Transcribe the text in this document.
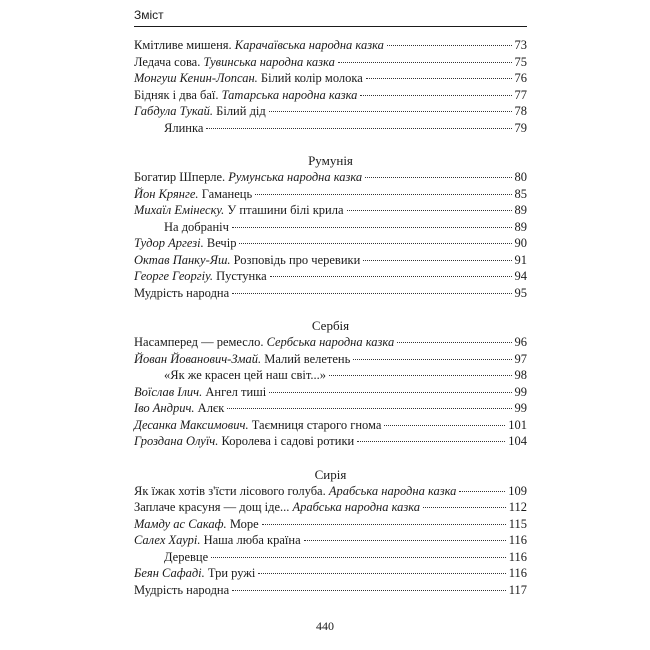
Зміст
Кмітливе мишеня. Карачаївська народна казка	73
Ледача сова. Тувинська народна казка	75
Монгуш Кенин-Лопсан. Білий колір молока	76
Бідняк і два баї. Татарська народна казка	77
Габдула Тукай. Білий дід	78
Ялинка	79
Румунія
Богатир Шперле. Румунська народна казка	80
Йон Крянге. Гаманець	85
Михаїл Емінеску. У пташини білі крила	89
На добраніч	89
Тудор Аргезі. Вечір	90
Октав Панку-Яш. Розповідь про черевики	91
Георге Георгіу. Пустунка	94
Мудрість народна	95
Сербія
Насамперед — ремесло. Сербська народна казка	96
Йован Йованович-Змай. Малий велетень	97
«Як же красен цей наш світ...»	98
Воїслав Ілич. Ангел тиші	99
Іво Андрич. Алєк	99
Десанка Максимович. Таємниця старого гнома	101
Гроздана Олуїч. Королева і садові ротики	104
Сирія
Як їжак хотів з'їсти лісового голуба. Арабська народна казка	109
Заплаче красуня — дощ іде... Арабська народна казка	112
Мамду ас Сакаф. Море	115
Салех Хаурі. Наша люба країна	116
Деревце	116
Беян Сафаді. Три ружі	116
Мудрість народна	117
440
